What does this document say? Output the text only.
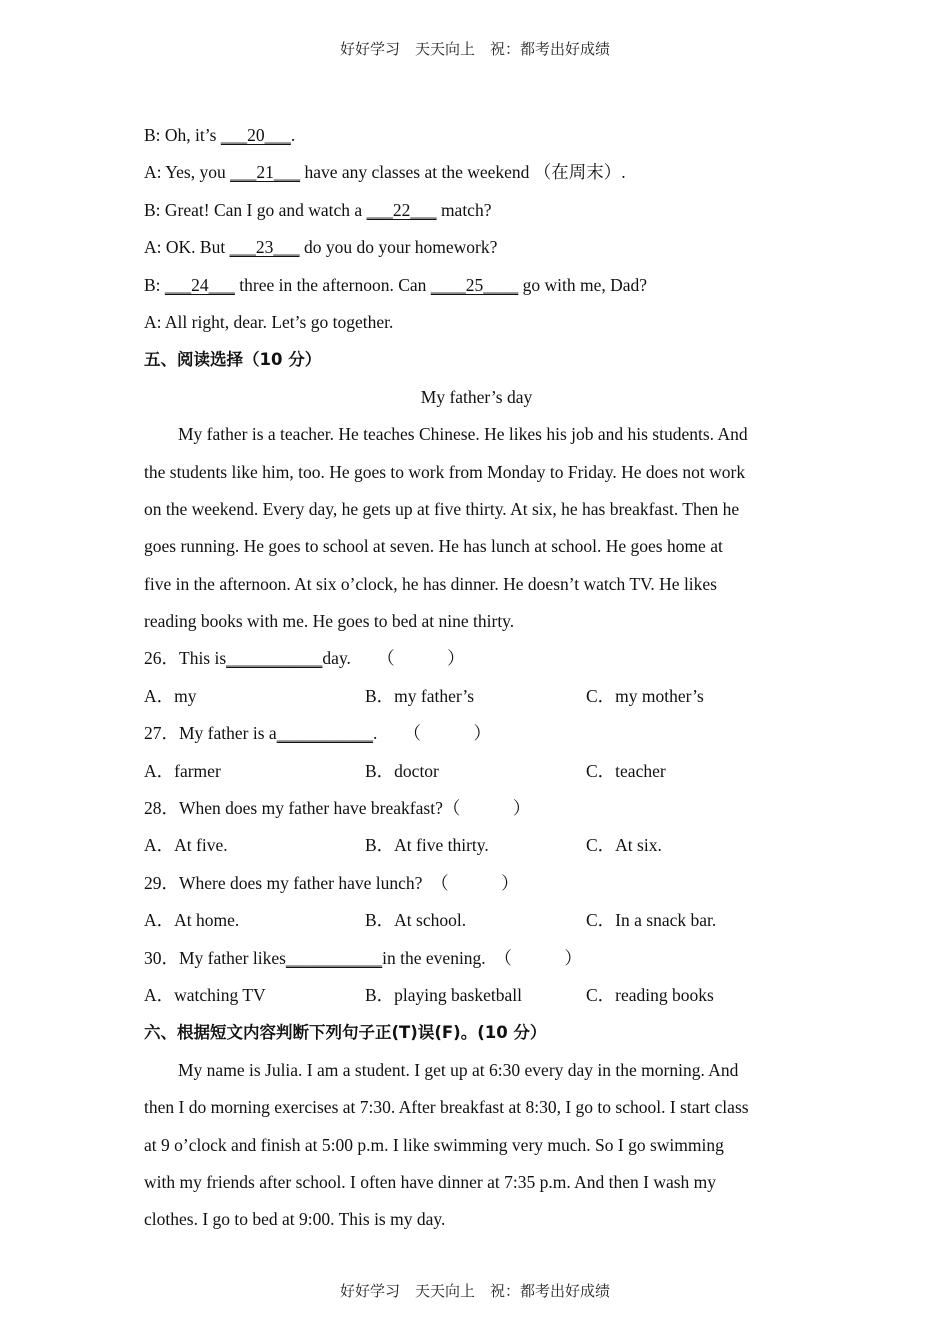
好好学习　天天向上　祝：都考出好成绩
B: Oh, it’s ___20___.
A: Yes, you ___21___ have any classes at the weekend （在周末）.
B: Great! Can I go and watch a ___22___ match?
A: OK. But ___23___ do you do your homework?
B: ___24___ three in the afternoon. Can ____25____ go with me, Dad?
A: All right, dear. Let’s go together.
五、阅读选择（10 分）
My father’s day
My father is a teacher. He teaches Chinese. He likes his job and his students. And
the students like him, too. He goes to work from Monday to Friday. He does not work
on the weekend. Every day, he gets up at five thirty. At six, he has breakfast. Then he
goes running. He goes to school at seven. He has lunch at school. He goes home at
five in the afternoon. At six o’clock, he has dinner. He doesn’t watch TV. He likes
reading books with me. He goes to bed at nine thirty.
26．This is___________day.　　（　　　）
A．my	B．my father’s	C．my mother’s
27．My father is a___________.　　（　　　）
A．farmer	B．doctor	C．teacher
28．When does my father have breakfast?（　　　）
A．At five.	B．At five thirty.	C．At six.
29．Where does my father have lunch?　（　　　）
A．At home.	B．At school.	C．In a snack bar.
30．My father likes___________in the evening.　（　　　）
A．watching TV	B．playing basketball	C．reading books
六、根据短文内容判断下列句子正(T)误(F)。(10 分）
My name is Julia. I am a student. I get up at 6:30 every day in the morning. And
then I do morning exercises at 7:30. After breakfast at 8:30, I go to school. I start class
at 9 o’clock and finish at 5:00 p.m. I like swimming very much. So I go swimming
with my friends after school. I often have dinner at 7:35 p.m. And then I wash my
clothes. I go to bed at 9:00. This is my day.
好好学习　天天向上　祝：都考出好成绩
